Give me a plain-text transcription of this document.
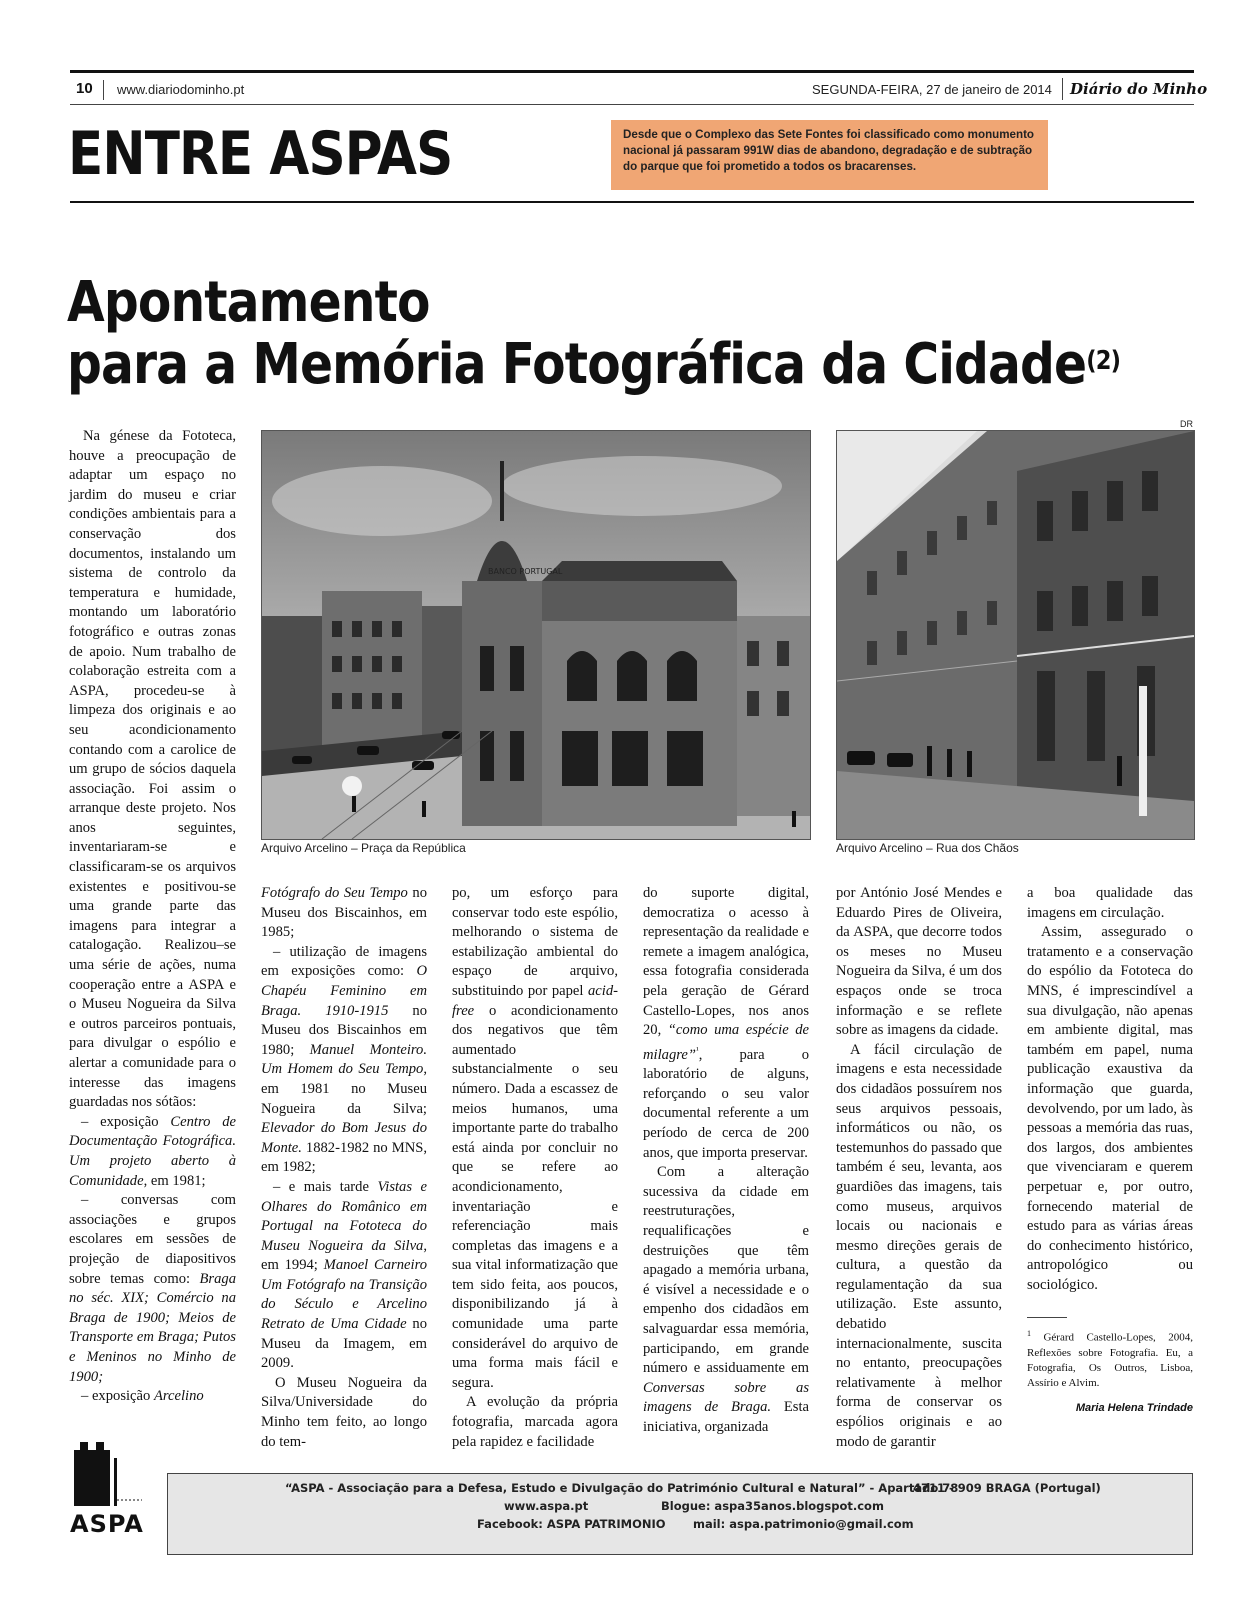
10 www.diariodominho.pt	SEGUNDA-FEIRA, 27 de janeiro de 2014 Diário do Minho
ENTRE ASPAS	Desde que o Complexo das Sete Fontes foi classificado como monumento nacional já passaram 991W dias de abandono, degradação e de subtração do parque que foi prometido a todos os bracarenses.
Apontamento
para a Memória Fotográfica da Cidade$^{(2)}$
DR
BANCO PORTUGAL
Arquivo Arcelino – Praça da República	Arquivo Arcelino – Rua dos Chãos

Na génese da Fototeca, houve a preocupação de adaptar um espaço no jardim do museu e criar condições ambientais para a conservação dos documentos, instalando um sistema de controlo da temperatura e humidade, montando um laboratório fotográfico e outras zonas de apoio. Num trabalho de colaboração estreita com a ASPA, procedeu-se à limpeza dos originais e ao seu acondicionamento contando com a carolice de um grupo de sócios daquela associação. Foi assim o arranque deste projeto. Nos anos seguintes, inventariaram-se e classificaram-se os arquivos existentes e positivou-se uma grande parte das imagens para integrar a catalogação. Realizou–se uma série de ações, numa cooperação entre a ASPA e o Museu Nogueira da Silva e outros parceiros pontuais, para divulgar o espólio e alertar a comunidade para o interesse das imagens guardadas nos sótãos:

– exposição Centro de Documentação Fotográfica. Um projeto aberto à Comunidade, em 1981;

– conversas com associações e grupos escolares em sessões de projeção de diapositivos sobre temas como: Braga no séc. XIX; Comércio na Braga de 1900; Meios de Transporte em Braga; Putos e Meninos no Minho de 1900;

– exposição Arcelino

Fotógrafo do Seu Tempo no Museu dos Biscainhos, em 1985;

– utilização de imagens em exposições como: O Chapéu Feminino em Braga. 1910-1915 no Museu dos Biscainhos em 1980; Manuel Monteiro. Um Homem do Seu Tempo, em 1981 no Museu Nogueira da Silva; Elevador do Bom Jesus do Monte. 1882-1982 no MNS, em 1982;

– e mais tarde Vistas e Olhares do Românico em Portugal na Fototeca do Museu Nogueira da Silva, em 1994; Manoel Carneiro Um Fotógrafo na Transição do Século e Arcelino Retrato de Uma Cidade no Museu da Imagem, em 2009.

O Museu Nogueira da Silva/Universidade do Minho tem feito, ao longo do tem-

po, um esforço para conservar todo este espólio, melhorando o sistema de estabilização ambiental do espaço de arquivo, substituindo por papel acid-free o acondicionamento dos negativos que têm aumentado substancialmente o seu número. Dada a escassez de meios humanos, uma importante parte do trabalho está ainda por concluir no que se refere ao acondicionamento, inventariação e referenciação mais completas das imagens e a sua vital informatização que tem sido feita, aos poucos, disponibilizando já à comunidade uma parte considerável do arquivo de uma forma mais fácil e segura.

A evolução da própria fotografia, marcada agora pela rapidez e facilidade

do suporte digital, democratiza o acesso à representação da realidade e remete a imagem analógica, essa fotografia considerada pela geração de Gérard Castello-Lopes, nos anos 20, “como uma espécie de milagre”$^{^1}$, para o laboratório de alguns, reforçando o seu valor documental referente a um período de cerca de 200 anos, que importa preservar.

Com a alteração sucessiva da cidade em reestruturações, requalificações e destruições que têm apagado a memória urbana, é visível a necessidade e o empenho dos cidadãos em salvaguardar essa memória, participando, em grande número e assiduamente em Conversas sobre as imagens de Braga. Esta iniciativa, organizada

por António José Mendes e Eduardo Pires de Oliveira, da ASPA, que decorre todos os meses no Museu Nogueira da Silva, é um dos espaços onde se troca informação e se reflete sobre as imagens da cidade.

A fácil circulação de imagens e esta necessidade dos cidadãos possuírem nos seus arquivos pessoais, informáticos ou não, os testemunhos do passado que também é seu, levanta, aos guardiões das imagens, tais como museus, arquivos locais ou nacionais e mesmo direções gerais de cultura, a questão da regulamentação da sua utilização. Este assunto, debatido internacionalmente, suscita no entanto, preocupações relativamente à melhor forma de conservar os espólios originais e ao modo de garantir

a boa qualidade das imagens em circulação.

Assim, assegurado o tratamento e a conservação do espólio da Fototeca do MNS, é imprescindível a sua divulgação, não apenas em ambiente digital, mas também em papel, numa publicação exaustiva da informação que guarda, devolvendo, por um lado, às pessoas a memória das ruas, dos largos, dos ambientes que vivenciaram e querem perpetuar e, por outro, fornecendo material de estudo para as várias áreas do conhecimento histórico, antropológico ou sociológico.

$^1$ Gérard Castello-Lopes, 2004, Reflexões sobre Fotografia. Eu, a Fotografia, Os Outros, Lisboa, Assírio e Alvim.
Maria Helena Trindade
ASPA
“ASPA - Associação para a Defesa, Estudo e Divulgação do Património Cultural e Natural” - Apartado 78
4711 - 909 BRAGA (Portugal)
www.aspa.pt	Blogue: aspa35anos.blogspot.com
Facebook: ASPA PATRIMONIO mail: aspa.patrimonio@gmail.com
